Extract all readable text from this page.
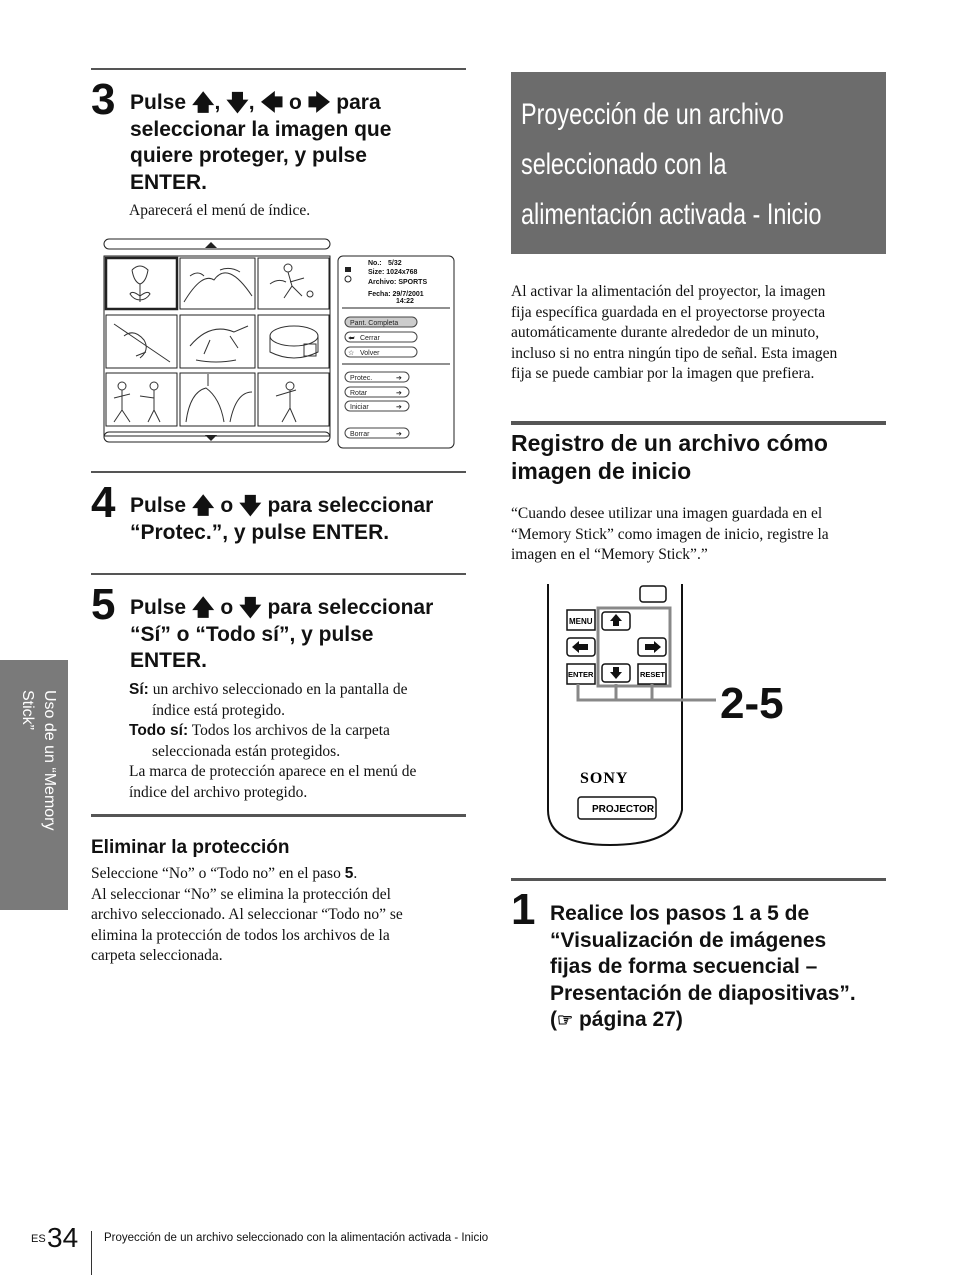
3 Pulse 🡅, 🡇, 🡄 o 🡆 para
seleccionar la imagen que
quiere proteger, y pulse
ENTER.
Aparecerá el menú de índice.
No.: 5/32
Size: 1024x768
Archivo: SPORTS
Fecha: 29/7/2001
14:22
Pant. Completa
⮨ Cerrar
☆ Volver
Protec.	➔
Rotar	➔
Iniciar	➔
Borrar	➔
4 Pulse 🡅 o 🡇 para seleccionar
“Protec.”, y pulse ENTER.
5 Pulse 🡅 o 🡇 para seleccionar
“Sí” o “Todo sí”, y pulse
ENTER.
Sí: un archivo seleccionado en la pantalla de
índice está protegido.
Todo sí: Todos los archivos de la carpeta
seleccionada están protegidos.
La marca de protección aparece en el menú de
índice del archivo protegido.
Eliminar la protección
Seleccione “No” o “Todo no” en el paso 5.
Al seleccionar “No” se elimina la protección del
archivo seleccionado. Al seleccionar “Todo no” se
elimina la protección de todos los archivos de la
carpeta seleccionada.
Uso de un “Memory
Stick”
Proyección de un archivo
seleccionado con la
alimentación activada - Inicio
Al activar la alimentación del proyector, la imagen
fija específica guardada en el proyectorse proyecta
automáticamente durante alrededor de un minuto,
incluso si no entra ningún tipo de señal. Esta imagen
fija se puede cambiar por la imagen que prefiera.
Registro de un archivo cómo
imagen de inicio
“Cuando desee utilizar una imagen guardada en el
“Memory Stick” como imagen de inicio, registre la
imagen en el “Memory Stick”.”
MENU
ENTER	RESET
2-5
SONY
PROJECTOR
1 Realice los pasos 1 a 5 de
“Visualización de imágenes
fijas de forma secuencial –
Presentación de diapositivas”.
(☞ página 27)
ES 34 Proyección de un archivo seleccionado con la alimentación activada - Inicio
